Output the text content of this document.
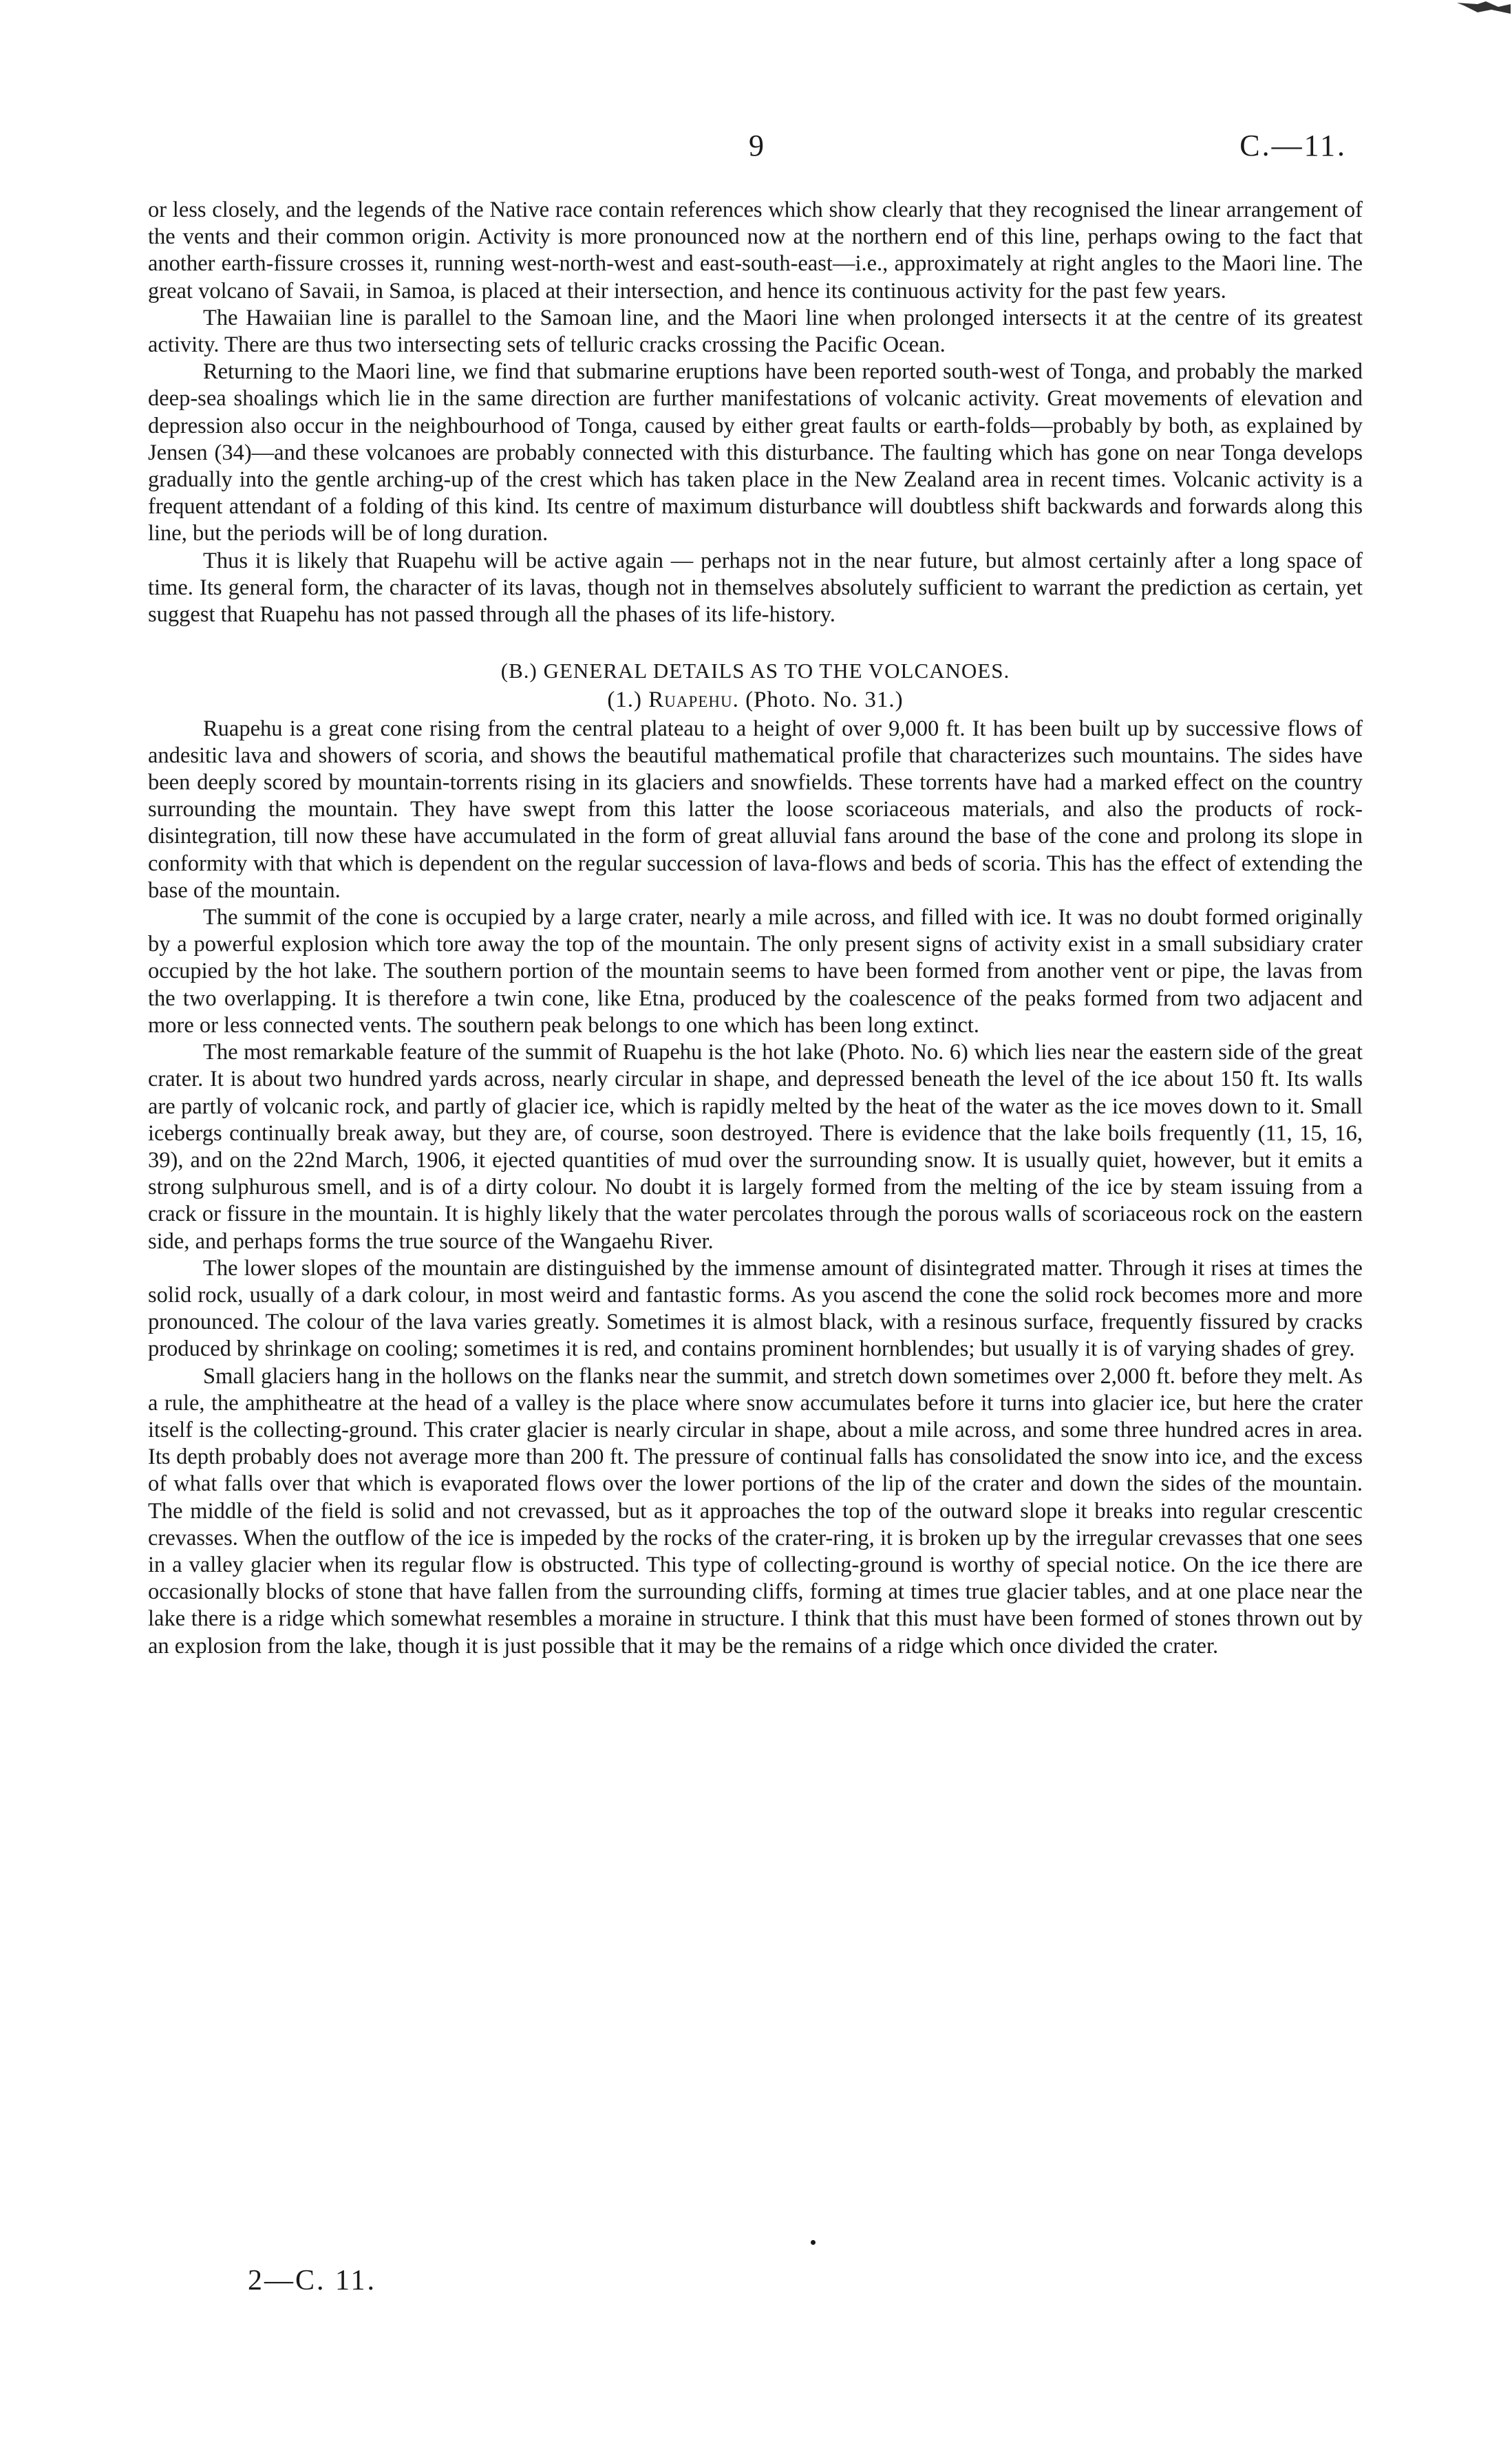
9	C.—11.

or less closely, and the legends of the Native race contain references which show clearly that they recognised the linear arrangement of the vents and their common origin. Activity is more pronounced now at the northern end of this line, perhaps owing to the fact that another earth-fissure crosses it, running west-north-west and east-south-east—i.e., approximately at right angles to the Maori line. The great volcano of Savaii, in Samoa, is placed at their intersection, and hence its continuous activity for the past few years.

The Hawaiian line is parallel to the Samoan line, and the Maori line when prolonged intersects it at the centre of its greatest activity. There are thus two intersecting sets of telluric cracks crossing the Pacific Ocean.

Returning to the Maori line, we find that submarine eruptions have been reported south-west of Tonga, and probably the marked deep-sea shoalings which lie in the same direction are further manifestations of volcanic activity. Great movements of elevation and depression also occur in the neighbourhood of Tonga, caused by either great faults or earth-folds—probably by both, as explained by Jensen (34)—and these volcanoes are probably connected with this disturbance. The faulting which has gone on near Tonga develops gradually into the gentle arching-up of the crest which has taken place in the New Zealand area in recent times. Volcanic activity is a frequent attendant of a folding of this kind. Its centre of maximum disturbance will doubtless shift backwards and forwards along this line, but the periods will be of long duration.

Thus it is likely that Ruapehu will be active again — perhaps not in the near future, but almost certainly after a long space of time. Its general form, the character of its lavas, though not in themselves absolutely sufficient to warrant the prediction as certain, yet suggest that Ruapehu has not passed through all the phases of its life-history.

(B.) GENERAL DETAILS AS TO THE VOLCANOES.
(1.) Ruapehu. (Photo. No. 31.)

Ruapehu is a great cone rising from the central plateau to a height of over 9,000 ft. It has been built up by successive flows of andesitic lava and showers of scoria, and shows the beautiful mathematical profile that characterizes such mountains. The sides have been deeply scored by mountain-torrents rising in its glaciers and snowfields. These torrents have had a marked effect on the country surrounding the mountain. They have swept from this latter the loose scoriaceous materials, and also the products of rock-disintegration, till now these have accumulated in the form of great alluvial fans around the base of the cone and prolong its slope in conformity with that which is dependent on the regular succession of lava-flows and beds of scoria. This has the effect of extending the base of the mountain.

The summit of the cone is occupied by a large crater, nearly a mile across, and filled with ice. It was no doubt formed originally by a powerful explosion which tore away the top of the mountain. The only present signs of activity exist in a small subsidiary crater occupied by the hot lake. The southern portion of the mountain seems to have been formed from another vent or pipe, the lavas from the two overlapping. It is therefore a twin cone, like Etna, produced by the coalescence of the peaks formed from two adjacent and more or less connected vents. The southern peak belongs to one which has been long extinct.

The most remarkable feature of the summit of Ruapehu is the hot lake (Photo. No. 6) which lies near the eastern side of the great crater. It is about two hundred yards across, nearly circular in shape, and depressed beneath the level of the ice about 150 ft. Its walls are partly of volcanic rock, and partly of glacier ice, which is rapidly melted by the heat of the water as the ice moves down to it. Small icebergs continually break away, but they are, of course, soon destroyed. There is evidence that the lake boils frequently (11, 15, 16, 39), and on the 22nd March, 1906, it ejected quantities of mud over the surrounding snow. It is usually quiet, however, but it emits a strong sulphurous smell, and is of a dirty colour. No doubt it is largely formed from the melting of the ice by steam issuing from a crack or fissure in the mountain. It is highly likely that the water percolates through the porous walls of scoriaceous rock on the eastern side, and perhaps forms the true source of the Wangaehu River.

The lower slopes of the mountain are distinguished by the immense amount of disintegrated matter. Through it rises at times the solid rock, usually of a dark colour, in most weird and fantastic forms. As you ascend the cone the solid rock becomes more and more pronounced. The colour of the lava varies greatly. Sometimes it is almost black, with a resinous surface, frequently fissured by cracks produced by shrinkage on cooling; sometimes it is red, and contains prominent hornblendes; but usually it is of varying shades of grey.

Small glaciers hang in the hollows on the flanks near the summit, and stretch down sometimes over 2,000 ft. before they melt. As a rule, the amphitheatre at the head of a valley is the place where snow accumulates before it turns into glacier ice, but here the crater itself is the collecting-ground. This crater glacier is nearly circular in shape, about a mile across, and some three hundred acres in area. Its depth probably does not average more than 200 ft. The pressure of continual falls has consolidated the snow into ice, and the excess of what falls over that which is evaporated flows over the lower portions of the lip of the crater and down the sides of the mountain. The middle of the field is solid and not crevassed, but as it approaches the top of the outward slope it breaks into regular crescentic crevasses. When the outflow of the ice is impeded by the rocks of the crater-ring, it is broken up by the irregular crevasses that one sees in a valley glacier when its regular flow is obstructed. This type of collecting-ground is worthy of special notice. On the ice there are occasionally blocks of stone that have fallen from the surrounding cliffs, forming at times true glacier tables, and at one place near the lake there is a ridge which somewhat resembles a moraine in structure. I think that this must have been formed of stones thrown out by an explosion from the lake, though it is just possible that it may be the remains of a ridge which once divided the crater.

2—C. 11.
